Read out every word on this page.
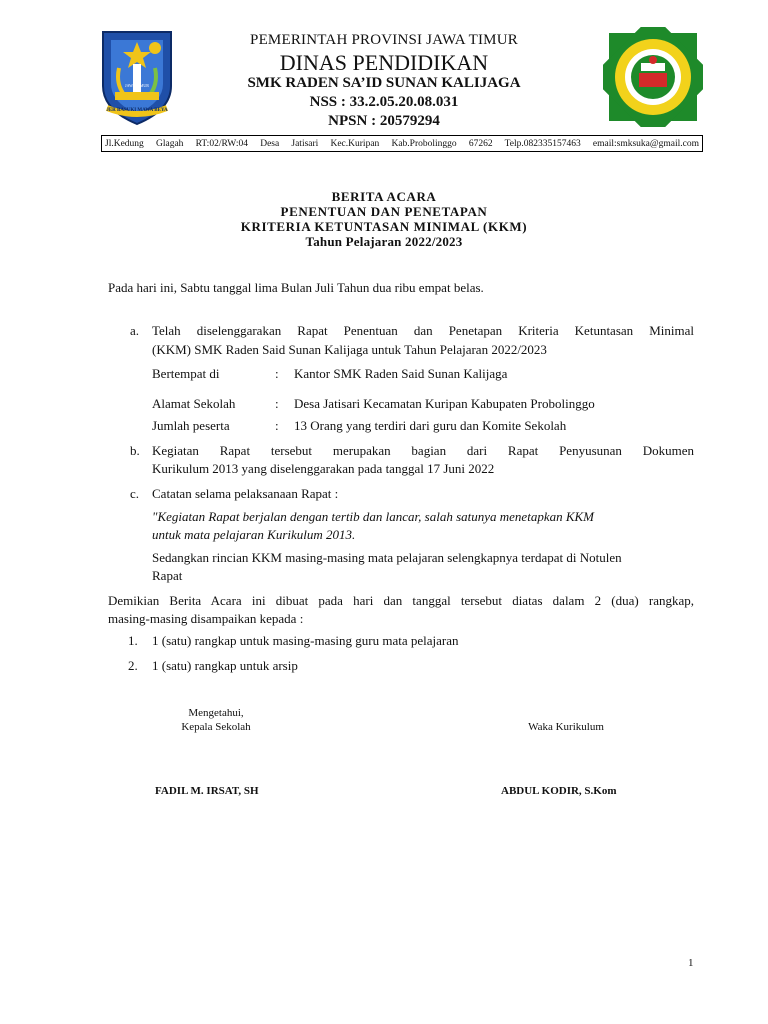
JAWA TIMUR
JER BASUKI MAWA BEYA
PEMERINTAH PROVINSI JAWA TIMUR
DINAS PENDIDIKAN
SMK RADEN SA’ID SUNAN KALIJAGA
NSS : 33.2.05.20.08.031
NPSN : 20579294
Jl.Kedung Glagah RT:02/RW:04 Desa Jatisari Kec.Kuripan Kab.Probolinggo 67262 Telp.082335157463 email:smksuka@gmail.com
BERITA ACARA
PENENTUAN DAN PENETAPAN
KRITERIA KETUNTASAN MINIMAL (KKM)
Tahun Pelajaran 2022/2023
Pada hari ini, Sabtu tanggal lima Bulan Juli Tahun dua ribu empat belas.
a. Telah diselenggarakan Rapat Penentuan dan Penetapan Kriteria Ketuntasan Minimal
(KKM) SMK Raden Said Sunan Kalijaga untuk Tahun Pelajaran 2022/2023
Bertempat di	: Kantor SMK Raden Said Sunan Kalijaga
Alamat Sekolah	: Desa Jatisari Kecamatan Kuripan Kabupaten Probolinggo
Jumlah peserta	: 13 Orang yang terdiri dari guru dan Komite Sekolah
b. Kegiatan Rapat tersebut merupakan bagian dari Rapat Penyusunan Dokumen
Kurikulum 2013 yang diselenggarakan pada tanggal 17 Juni 2022
c. Catatan selama pelaksanaan Rapat :
"Kegiatan Rapat berjalan dengan tertib dan lancar, salah satunya menetapkan KKM
untuk mata pelajaran Kurikulum 2013.
Sedangkan rincian KKM masing-masing mata pelajaran selengkapnya terdapat di Notulen
Rapat
Demikian Berita Acara ini dibuat pada hari dan tanggal tersebut diatas dalam 2 (dua) rangkap,
masing-masing disampaikan kepada :
1. 1 (satu) rangkap untuk masing-masing guru mata pelajaran
2. 1 (satu) rangkap untuk arsip
Mengetahui,
Kepala Sekolah	Waka Kurikulum
FADIL M. IRSAT, SH	ABDUL KODIR, S.Kom
1
